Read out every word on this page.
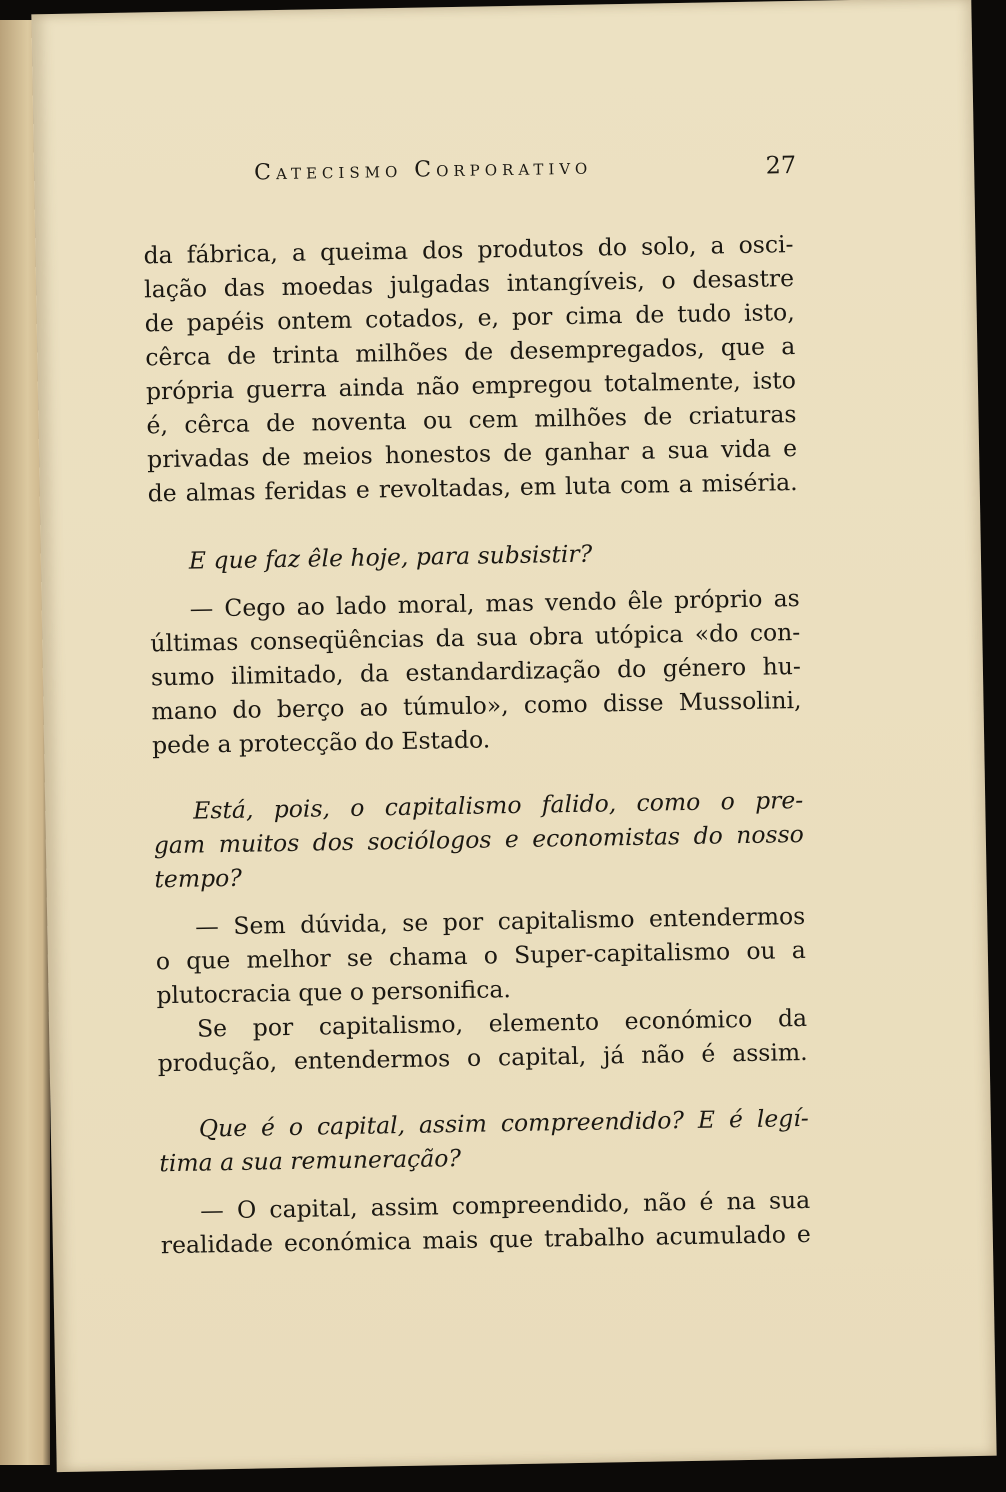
Catecismo Corporativo	27
da fábrica, a queima dos produtos do solo, a osci-
lação das moedas julgadas intangíveis, o desastre
de papéis ontem cotados, e, por cima de tudo isto,
cêrca de trinta milhões de desempregados, que a
própria guerra ainda não empregou totalmente, isto
é, cêrca de noventa ou cem milhões de criaturas
privadas de meios honestos de ganhar a sua vida e
de almas feridas e revoltadas, em luta com a miséria.
E que faz êle hoje, para subsistir?
— Cego ao lado moral, mas vendo êle próprio as
últimas conseqüências da sua obra utópica «do con-
sumo ilimitado, da estandardização do género hu-
mano do berço ao túmulo», como disse Mussolini,
pede a protecção do Estado.
Está, pois, o capitalismo falido, como o pre-
gam muitos dos sociólogos e economistas do nosso
tempo?
— Sem dúvida, se por capitalismo entendermos
o que melhor se chama o Super-capitalismo ou a
plutocracia que o personifica.
Se por capitalismo, elemento económico da
produção, entendermos o capital, já não é assim.
Que é o capital, assim compreendido? E é legí-
tima a sua remuneração?
— O capital, assim compreendido, não é na sua
realidade económica mais que trabalho acumulado e
